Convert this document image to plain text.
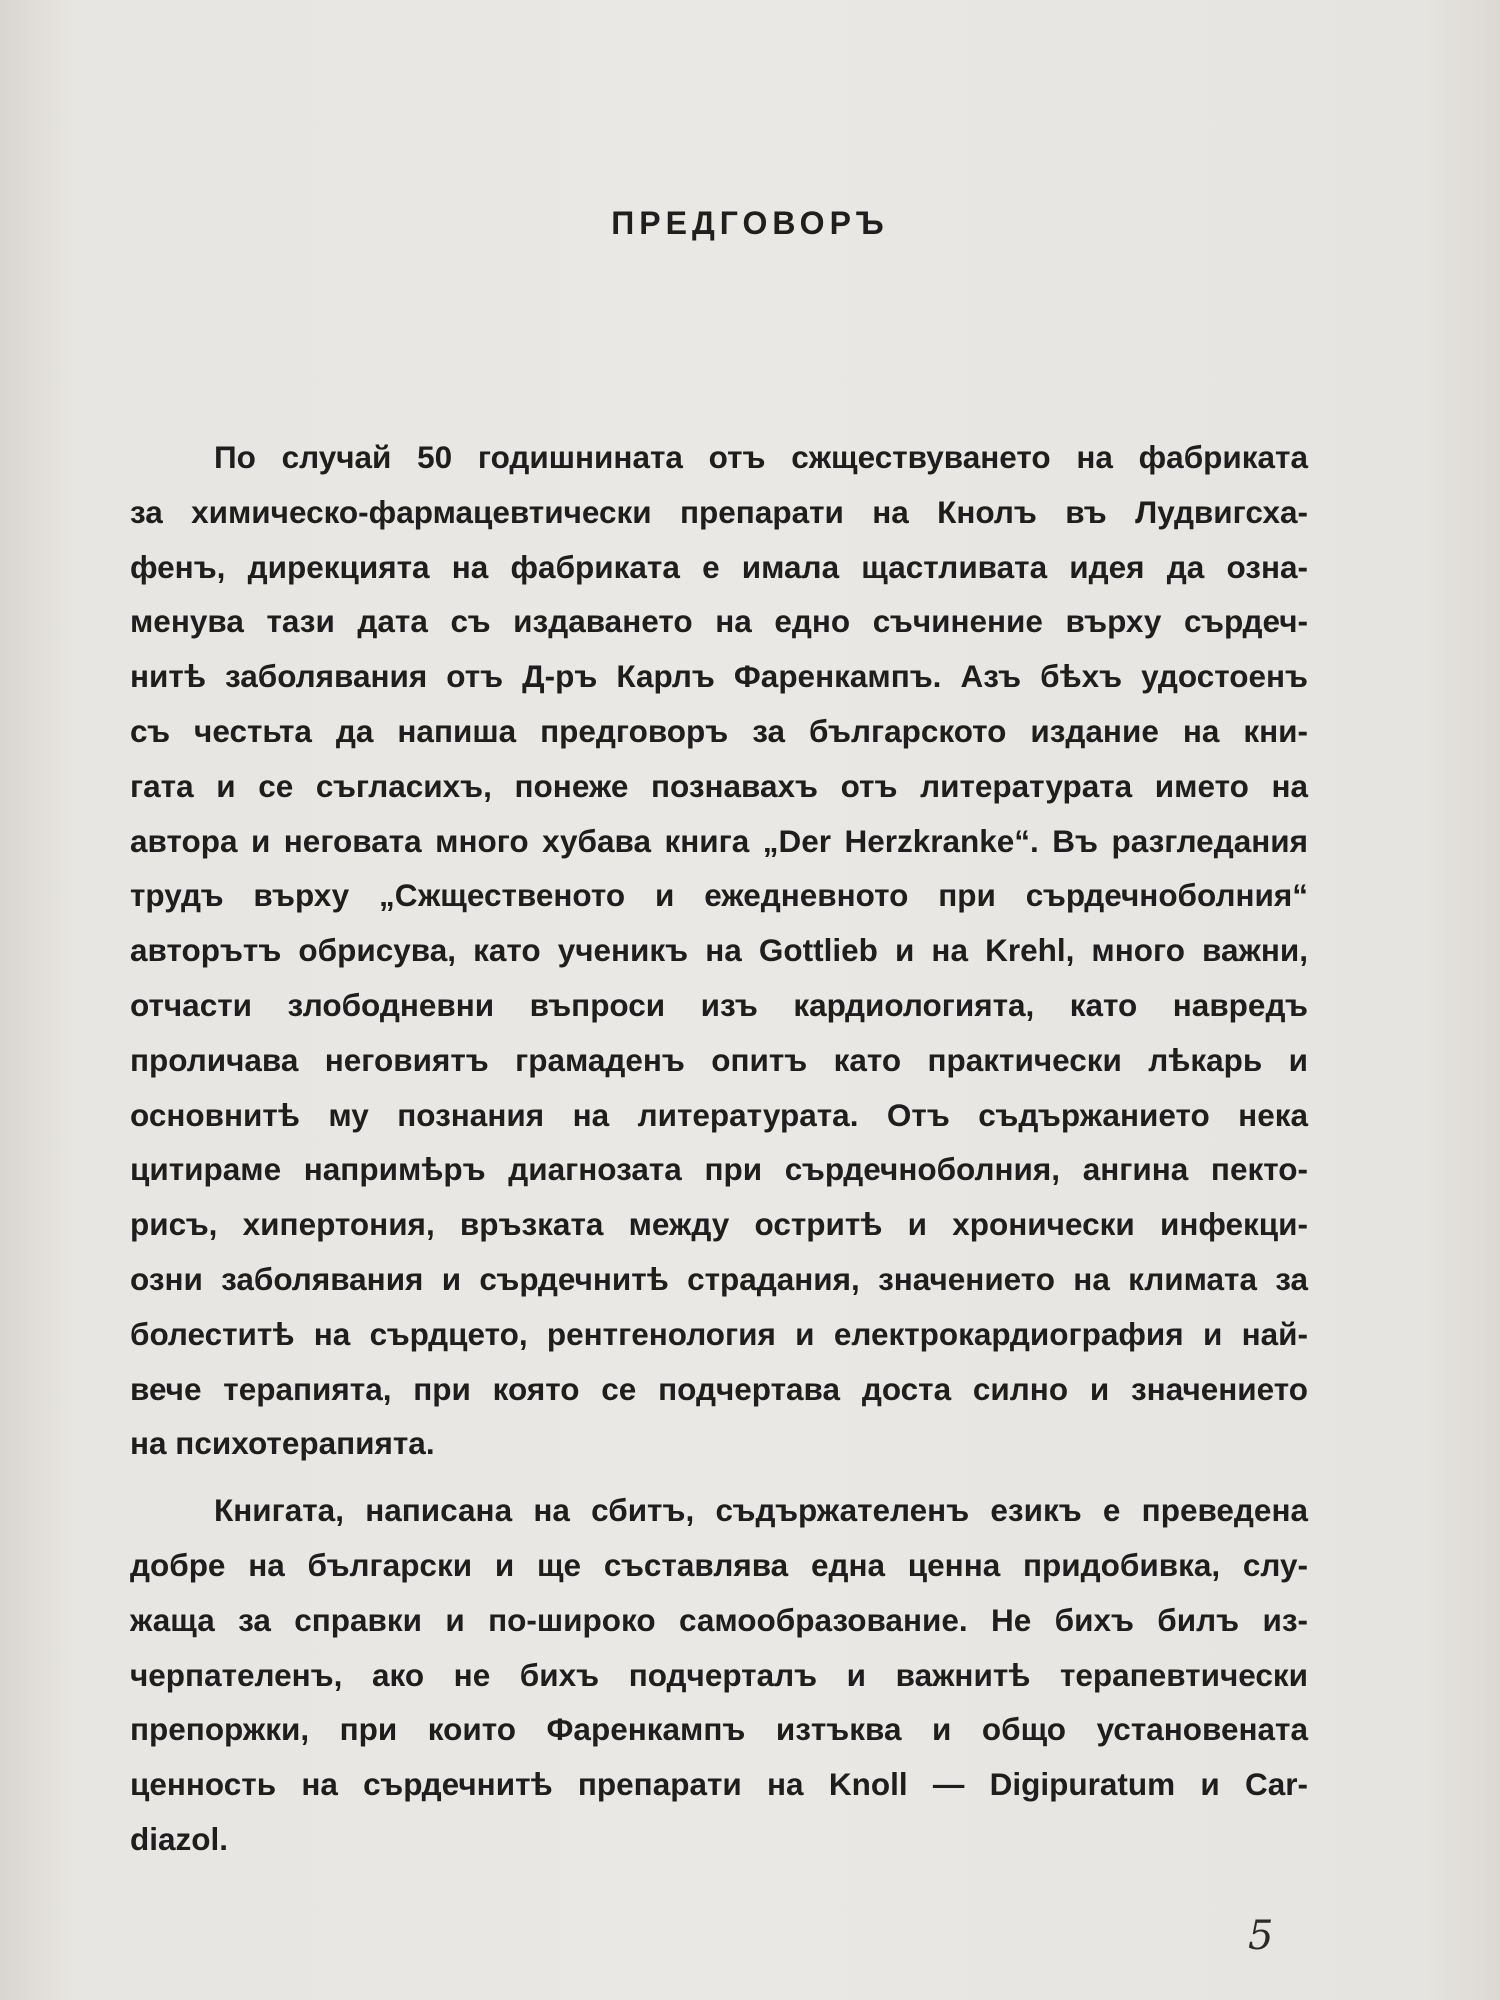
ПРЕДГОВОРЪ
По случай 50 годишнината отъ сжществуването на фабриката
за химическо-фармацевтически препарати на Кнолъ въ Лудвигсха-
фенъ, дирекцията на фабриката е имала щастливата идея да озна-
менува тази дата съ издаването на едно съчинение върху сърдеч-
нитѣ заболявания отъ Д-ръ Карлъ Фаренкампъ. Азъ бѣхъ удостоенъ
съ честьта да напиша предговоръ за българското издание на кни-
гата и се съгласихъ, понеже познавахъ отъ литературата името на
автора и неговата много хубава книга „Der Herzkranke“. Въ разгледания
трудъ върху „Сжщественото и ежедневното при сърдечноболния“
авторътъ обрисува, като ученикъ на Gottlieb и на Krehl, много важни,
отчасти злободневни въпроси изъ кардиологията, като навредъ
проличава неговиятъ грамаденъ опитъ като практически лѣкарь и
основнитѣ му познания на литературата. Отъ съдържанието нека
цитираме напримѣръ диагнозата при сърдечноболния, ангина пекто-
рисъ, хипертония, връзката между остритѣ и хронически инфекци-
озни заболявания и сърдечнитѣ страдания, значението на климата за
болеститѣ на сърдцето, рентгенология и електрокардиография и най-
вече терапията, при която се подчертава доста силно и значението
на психотерапията.
Книгата, написана на сбитъ, съдържателенъ езикъ е преведена
добре на български и ще съставлява една ценна придобивка, слу-
жаща за справки и по-широко самообразование. Не бихъ билъ из-
черпателенъ, ако не бихъ подчерталъ и важнитѣ терапевтически
препоржки, при които Фаренкампъ изтъква и общо установената
ценность на сърдечнитѣ препарати на Knoll — Digipuratum и Car-
diazol.
5
